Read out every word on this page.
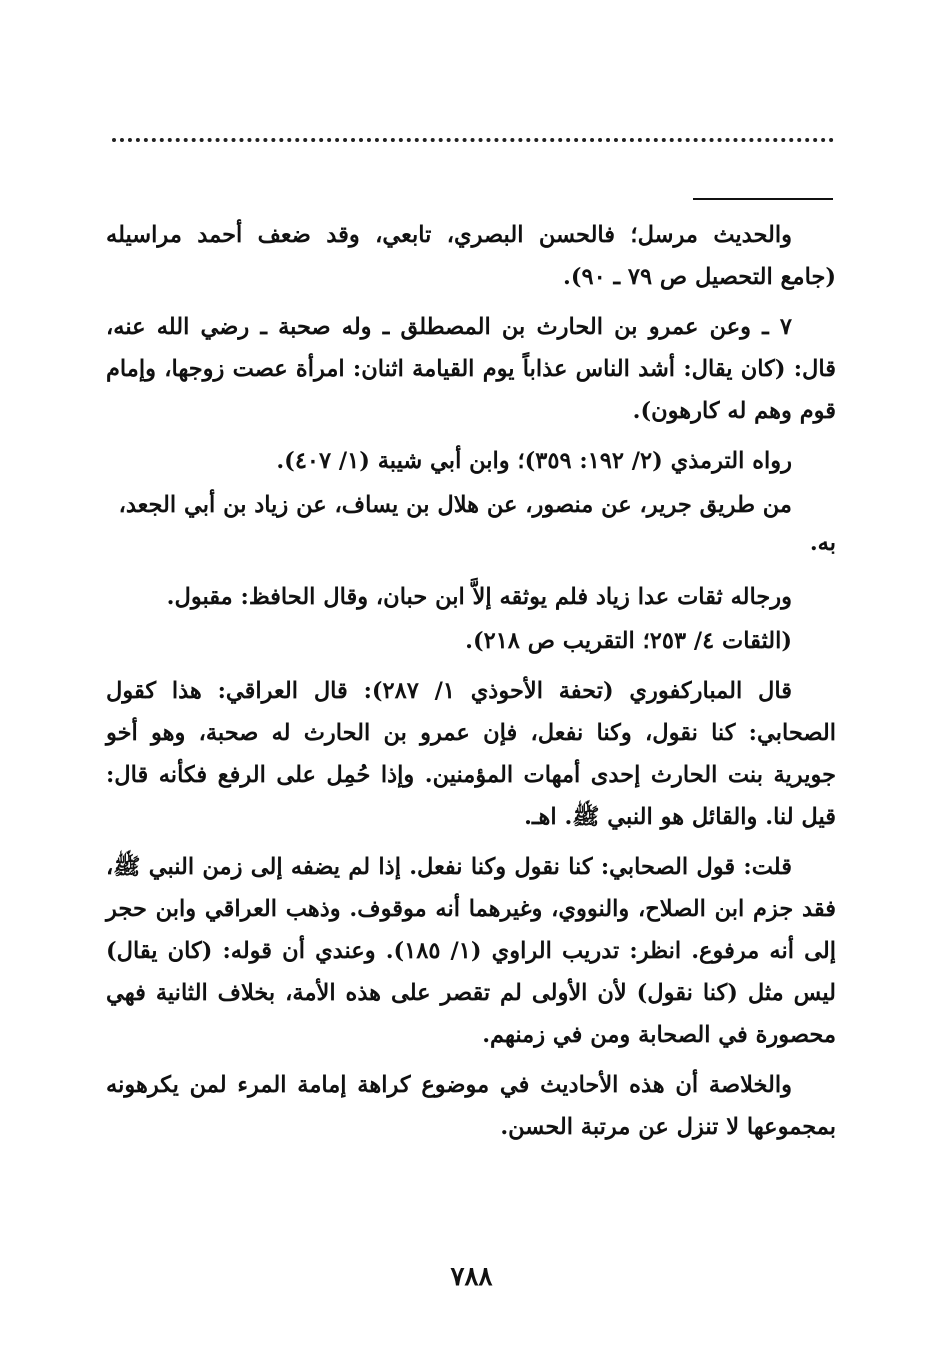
والحديث مرسل؛ فالحسن البصري، تابعي، وقد ضعف أحمد مراسيله (جامع التحصيل ص ٧٩ ـ ٩٠).

٧ ـ وعن عمرو بن الحارث بن المصطلق ـ وله صحبة ـ رضي الله عنه، قال: (كان يقال: أشد الناس عذاباً يوم القيامة اثنان: امرأة عصت زوجها، وإمام قوم وهم له كارهون).

رواه الترمذي (٢/ ١٩٢: ٣٥٩)؛ وابن أبي شيبة (١/ ٤٠٧).

من طريق جرير، عن منصور، عن هلال بن يساف، عن زياد بن أبي الجعد،

به.

ورجاله ثقات عدا زياد فلم يوثقه إلاَّ ابن حبان، وقال الحافظ: مقبول.

(الثقات ٤/ ٢٥٣؛ التقريب ص ٢١٨).

قال المباركفوري (تحفة الأحوذي ١/ ٢٨٧): قال العراقي: هذا كقول الصحابي: كنا نقول، وكنا نفعل، فإن عمرو بن الحارث له صحبة، وهو أخو جويرية بنت الحارث إحدى أمهات المؤمنين. وإذا حُمِل على الرفع فكأنه قال: قيل لنا. والقائل هو النبي ﷺ. اهـ.

قلت: قول الصحابي: كنا نقول وكنا نفعل. إذا لم يضفه إلى زمن النبي ﷺ، فقد جزم ابن الصلاح، والنووي، وغيرهما أنه موقوف. وذهب العراقي وابن حجر إلى أنه مرفوع. انظر: تدريب الراوي (١/ ١٨٥). وعندي أن قوله: (كان يقال) ليس مثل (كنا نقول) لأن الأولى لم تقصر على هذه الأمة، بخلاف الثانية فهي محصورة في الصحابة ومن في زمنهم.

والخلاصة أن هذه الأحاديث في موضوع كراهة إمامة المرء لمن يكرهونه بمجموعها لا تنزل عن مرتبة الحسن.

٧٨٨
